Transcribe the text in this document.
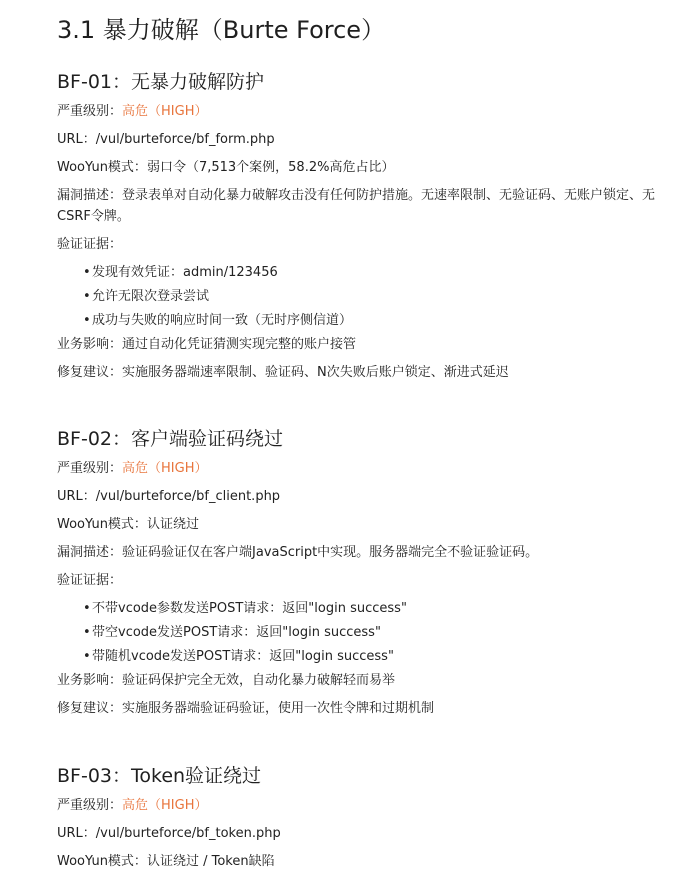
3.1 暴力破解（Burte Force）
BF-01：无暴力破解防护
严重级别：高危（HIGH）
URL：/vul/burteforce/bf_form.php
WooYun模式：弱口令（7,513个案例，58.2%高危占比）
漏洞描述：登录表单对自动化暴力破解攻击没有任何防护措施。无速率限制、无验证码、无账户锁定、无CSRF令牌。
验证证据：
• 发现有效凭证：admin/123456
• 允许无限次登录尝试
• 成功与失败的响应时间一致（无时序侧信道）
业务影响：通过自动化凭证猜测实现完整的账户接管
修复建议：实施服务器端速率限制、验证码、N次失败后账户锁定、渐进式延迟
BF-02：客户端验证码绕过
严重级别：高危（HIGH）
URL：/vul/burteforce/bf_client.php
WooYun模式：认证绕过
漏洞描述：验证码验证仅在客户端JavaScript中实现。服务器端完全不验证验证码。
验证证据：
• 不带vcode参数发送POST请求：返回"login success"
• 带空vcode发送POST请求：返回"login success"
• 带随机vcode发送POST请求：返回"login success"
业务影响：验证码保护完全无效，自动化暴力破解轻而易举
修复建议：实施服务器端验证码验证，使用一次性令牌和过期机制
BF-03：Token验证绕过
严重级别：高危（HIGH）
URL：/vul/burteforce/bf_token.php
WooYun模式：认证绕过 / Token缺陷
